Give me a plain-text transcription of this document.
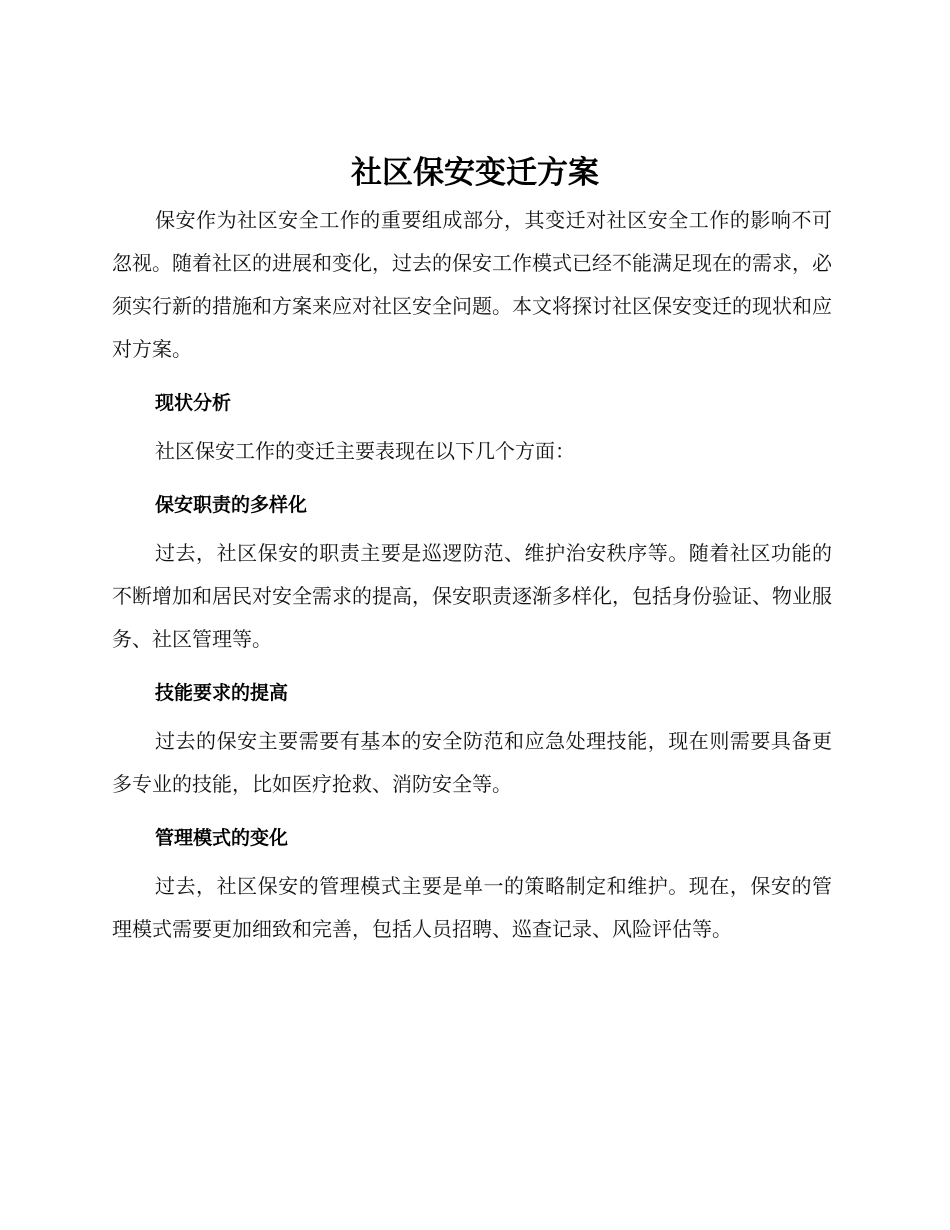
社区保安变迁方案

保安作为社区安全工作的重要组成部分，其变迁对社区安全工作的影响不可忽视。随着社区的进展和变化，过去的保安工作模式已经不能满足现在的需求，必须实行新的措施和方案来应对社区安全问题。本文将探讨社区保安变迁的现状和应对方案。

现状分析

社区保安工作的变迁主要表现在以下几个方面：

保安职责的多样化

过去，社区保安的职责主要是巡逻防范、维护治安秩序等。随着社区功能的不断增加和居民对安全需求的提高，保安职责逐渐多样化，包括身份验证、物业服务、社区管理等。

技能要求的提高

过去的保安主要需要有基本的安全防范和应急处理技能，现在则需要具备更多专业的技能，比如医疗抢救、消防安全等。

管理模式的变化

过去，社区保安的管理模式主要是单一的策略制定和维护。现在，保安的管理模式需要更加细致和完善，包括人员招聘、巡查记录、风险评估等。
